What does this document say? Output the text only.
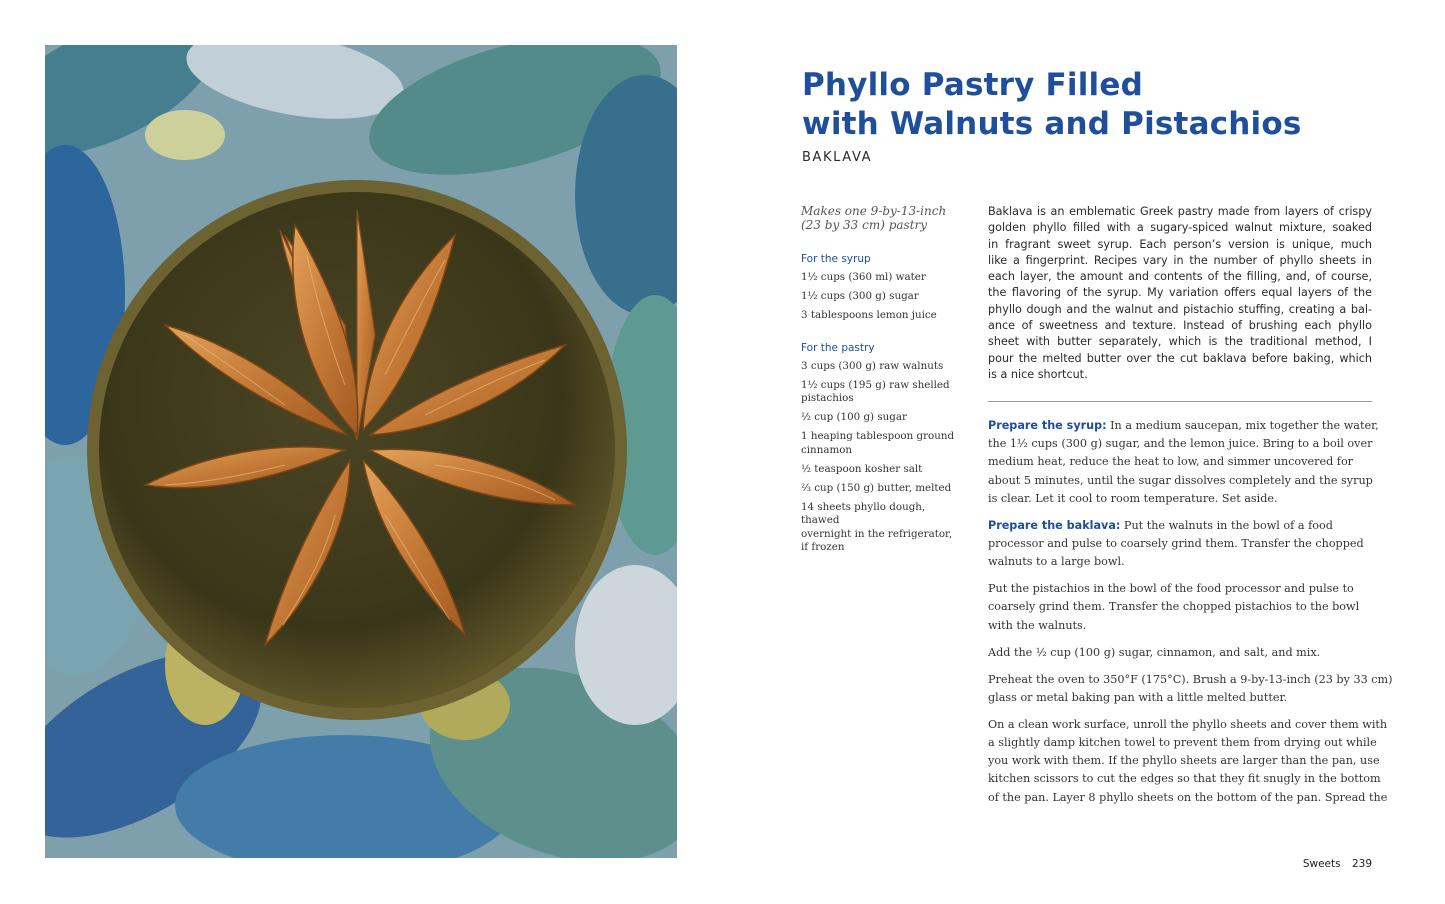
Phyllo Pastry Filled
with Walnuts and Pistachios
BAKLAVA
Makes one 9-by-13-inch
(23 by 33 cm) pastry
For the syrup
1½ cups (360 ml) water
1½ cups (300 g) sugar
3 tablespoons lemon juice
For the pastry
3 cups (300 g) raw walnuts
1½ cups (195 g) raw shelled
pistachios
½ cup (100 g) sugar
1 heaping tablespoon ground
cinnamon
½ teaspoon kosher salt
⅔ cup (150 g) butter, melted
14 sheets phyllo dough, thawed
overnight in the refrigerator,
if frozen
Baklava is an emblematic Greek pastry made from layers of crispy
golden phyllo filled with a sugary-spiced walnut mixture, soaked
in fragrant sweet syrup. Each person’s version is unique, much
like a fingerprint. Recipes vary in the number of phyllo sheets in
each layer, the amount and contents of the filling, and, of course,
the flavoring of the syrup. My variation offers equal layers of the
phyllo dough and the walnut and pistachio stuffing, creating a bal-
ance of sweetness and texture. Instead of brushing each phyllo
sheet with butter separately, which is the traditional method, I
pour the melted butter over the cut baklava before baking, which
is a nice shortcut.

Prepare the syrup: In a medium saucepan, mix together the water,
the 1½ cups (300 g) sugar, and the lemon juice. Bring to a boil over
medium heat, reduce the heat to low, and simmer uncovered for
about 5 minutes, until the sugar dissolves completely and the syrup
is clear. Let it cool to room temperature. Set aside.

Prepare the baklava: Put the walnuts in the bowl of a food
processor and pulse to coarsely grind them. Transfer the chopped
walnuts to a large bowl.

Put the pistachios in the bowl of the food processor and pulse to
coarsely grind them. Transfer the chopped pistachios to the bowl
with the walnuts.

Add the ½ cup (100 g) sugar, cinnamon, and salt, and mix.

Preheat the oven to 350°F (175°C). Brush a 9-by-13-inch (23 by 33 cm)
glass or metal baking pan with a little melted butter.

On a clean work surface, unroll the phyllo sheets and cover them with
a slightly damp kitchen towel to prevent them from drying out while
you work with them. If the phyllo sheets are larger than the pan, use
kitchen scissors to cut the edges so that they fit snugly in the bottom
of the pan. Layer 8 phyllo sheets on the bottom of the pan. Spread the

Sweets 239
